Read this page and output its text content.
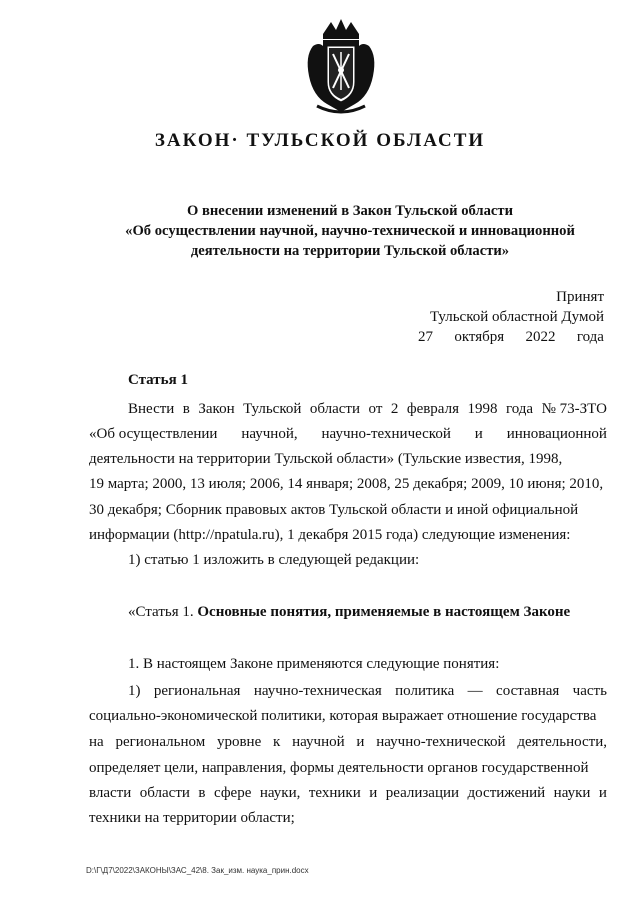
ЗАКОН· ТУЛЬСКОЙ ОБЛАСТИ
О внесении изменений в Закон Тульской области
«Об осуществлении научной, научно-технической и инновационной
деятельности на территории Тульской области»
Принят
Тульской областной Думой
27 октября 2022 года
Статья 1
Внести в Закон Тульской области от 2 февраля 1998 года № 73-ЗТО
«Об осуществлении научной, научно-технической и инновационной
деятельности на территории Тульской области» (Тульские известия, 1998,
19 марта; 2000, 13 июля; 2006, 14 января; 2008, 25 декабря; 2009, 10 июня; 2010,
30 декабря; Сборник правовых актов Тульской области и иной официальной
информации (http://npatula.ru), 1 декабря 2015 года) следующие изменения:
1) статью 1 изложить в следующей редакции:
«Статья 1. Основные понятия, применяемые в настоящем Законе
1. В настоящем Законе применяются следующие понятия:
1) региональная научно-техническая политика — составная часть
социально-экономической политики, которая выражает отношение государства
на региональном уровне к научной и научно-технической деятельности,
определяет цели, направления, формы деятельности органов государственной
власти области в сфере науки, техники и реализации достижений науки и
техники на территории области;
D:\Г\Д7\2022\ЗАКОНЫ\ЗАС_42\8. Зак_изм. наука_прин.docx
